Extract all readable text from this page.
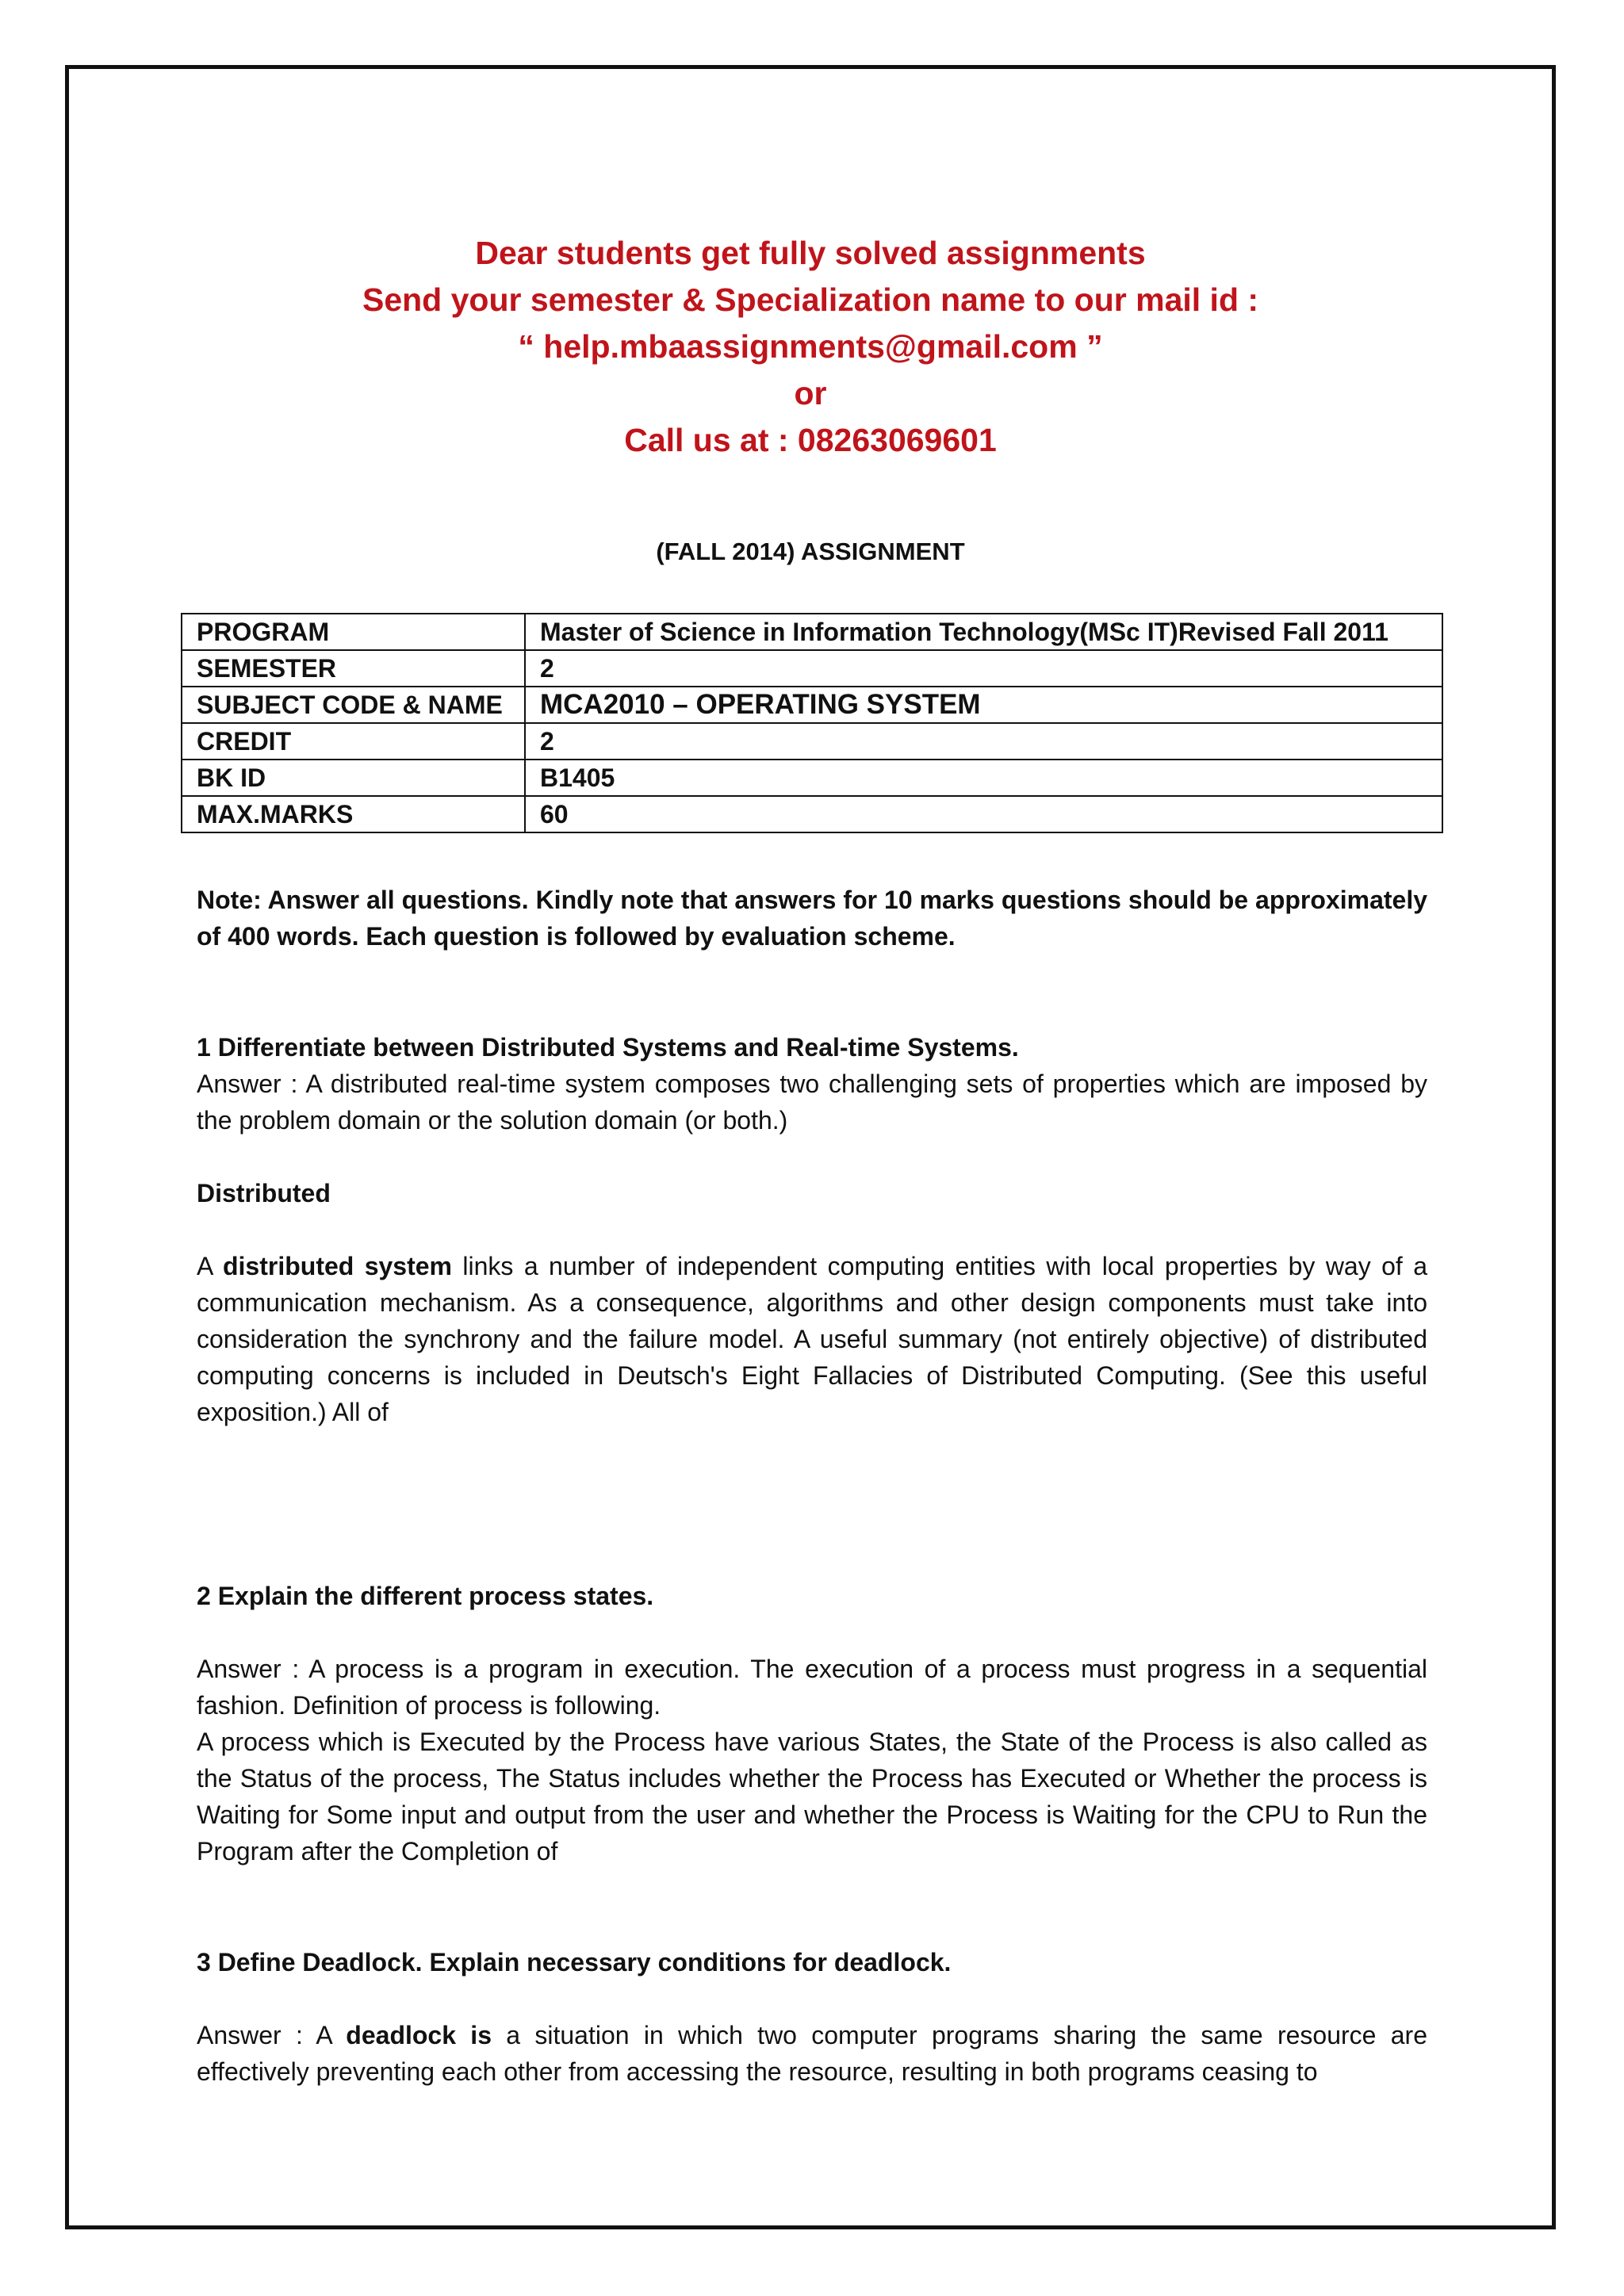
Dear students get fully solved assignments
Send your semester & Specialization name to our mail id :
“ help.mbaassignments@gmail.com ”
or
Call us at : 08263069601
(FALL 2014) ASSIGNMENT
PROGRAM	Master of Science in Information Technology(MSc IT)Revised Fall 2011
SEMESTER	2
SUBJECT CODE & NAME	MCA2010 – OPERATING SYSTEM
CREDIT	2
BK ID	B1405
MAX.MARKS	60
Note: Answer all questions. Kindly note that answers for 10 marks questions should be approximately of 400 words. Each question is followed by evaluation scheme.

1 Differentiate between Distributed Systems and Real-time Systems.

Answer : A distributed real-time system composes two challenging sets of properties which are imposed by the problem domain or the solution domain (or both.)

Distributed

A distributed system links a number of independent computing entities with local properties by way of a communication mechanism. As a consequence, algorithms and other design components must take into consideration the synchrony and the failure model. A useful summary (not entirely objective) of distributed computing concerns is included in Deutsch's Eight Fallacies of Distributed Computing. (See this useful exposition.) All of

2 Explain the different process states.

Answer : A process is a program in execution. The execution of a process must progress in a sequential fashion. Definition of process is following.

A process which is Executed by the Process have various States, the State of the Process is also called as the Status of the process, The Status includes whether the Process has Executed or Whether the process is Waiting for Some input and output from the user and whether the Process is Waiting for the CPU to Run the Program after the Completion of

3 Define Deadlock. Explain necessary conditions for deadlock.

Answer : A deadlock is a situation in which two computer programs sharing the same resource are effectively preventing each other from accessing the resource, resulting in both programs ceasing to
